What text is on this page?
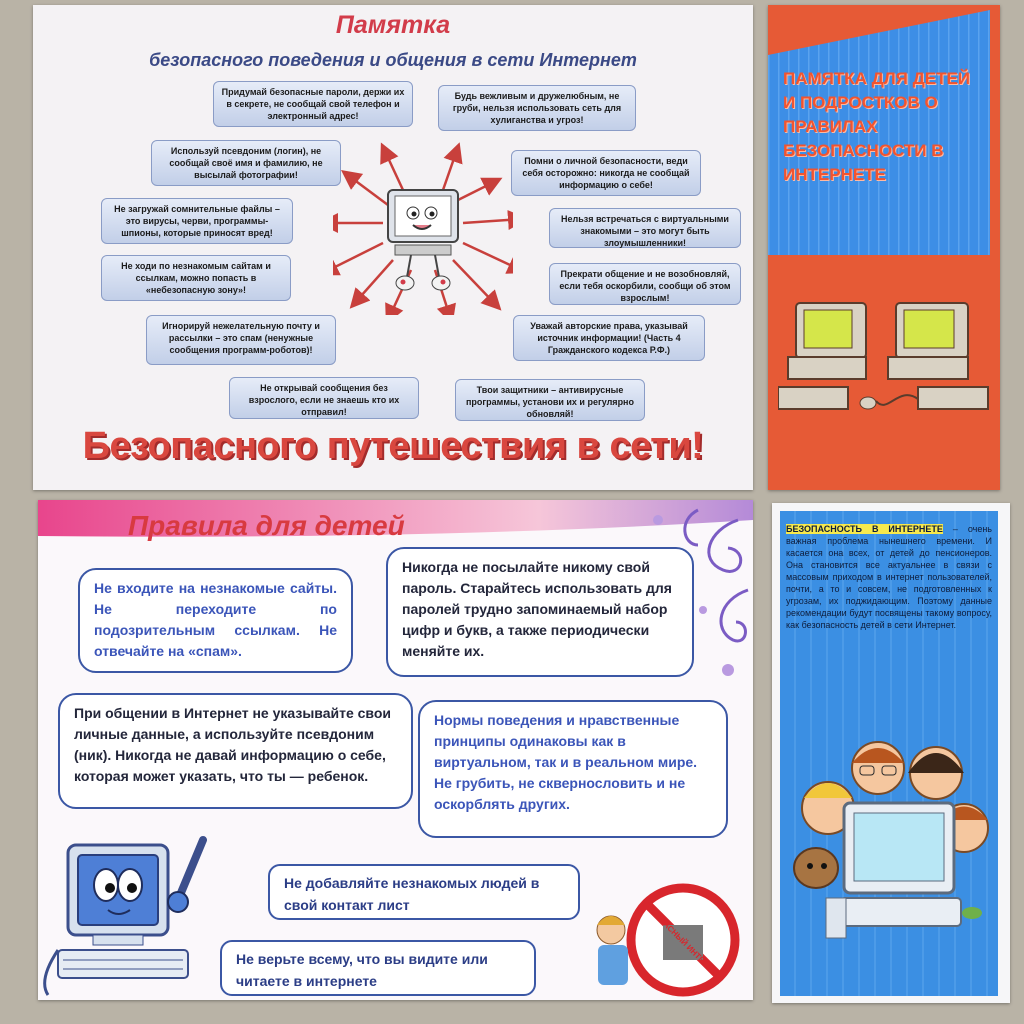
Памятка
безопасного поведения и общения в сети Интернет
Придумай безопасные пароли, держи их в секрете, не сообщай свой телефон и электронный адрес!
Будь вежливым и дружелюбным, не груби, нельзя использовать сеть для хулиганства и угроз!
Используй псевдоним (логин), не сообщай своё имя и фамилию, не высылай фотографии!
Помни о личной безопасности, веди себя осторожно: никогда не сообщай информацию о себе!
Не загружай сомнительные файлы – это вирусы, черви, программы-шпионы, которые приносят вред!
Нельзя встречаться с виртуальными знакомыми – это могут быть злоумышленники!
Не ходи по незнакомым сайтам и ссылкам, можно попасть в «небезопасную зону»!
Прекрати общение и не возобновляй, если тебя оскорбили, сообщи об этом взрослым!
Игнорируй нежелательную почту и рассылки – это спам (ненужные сообщения программ-роботов)!
Уважай авторские права, указывай источник информации! (Часть 4 Гражданского кодекса Р.Ф.)
Не открывай сообщения без взрослого, если не знаешь кто их отправил!
Твои защитники – антивирусные программы, установи их и регулярно обновляй!
Безопасного путешествия в сети!
ПАМЯТКА ДЛЯ ДЕТЕЙ И ПОДРОСТКОВ О ПРАВИЛАХ БЕЗОПАСНОСТИ В ИНТЕРНЕТЕ
Правила для детей
Не входите на незнакомые сайты. Не переходите по подозрительным ссылкам. Не отвечайте на «спам».
Никогда не посылайте никому свой пароль. Старайтесь использовать для паролей трудно запоминаемый набор цифр и букв, а также периодически меняйте их.
При общении в Интернет не указывайте свои личные данные, а используйте псевдоним (ник). Никогда не давай информацию о себе, которая может указать, что ты — ребенок.
Нормы поведения и нравственные принципы одинаковы как в виртуальном, так и в реальном мире. Не грубить, не сквернословить и не оскорблять других.
Не добавляйте незнакомых людей в свой контакт лист
Не верьте всему, что вы видите или читаете в интернете
БЕЗОПАСНЫЙ ИНТЕРНЕТ
БЕЗОПАСНОСТЬ В ИНТЕРНЕТЕ – очень важная проблема нынешнего времени. И касается она всех, от детей до пенсионеров. Она становится все актуальнее в связи с массовым приходом в интернет пользователей, почти, а то и совсем, не подготовленных к угрозам, их поджидающим. Поэтому данные рекомендации будут посвящены такому вопросу, как безопасность детей в сети Интернет.
